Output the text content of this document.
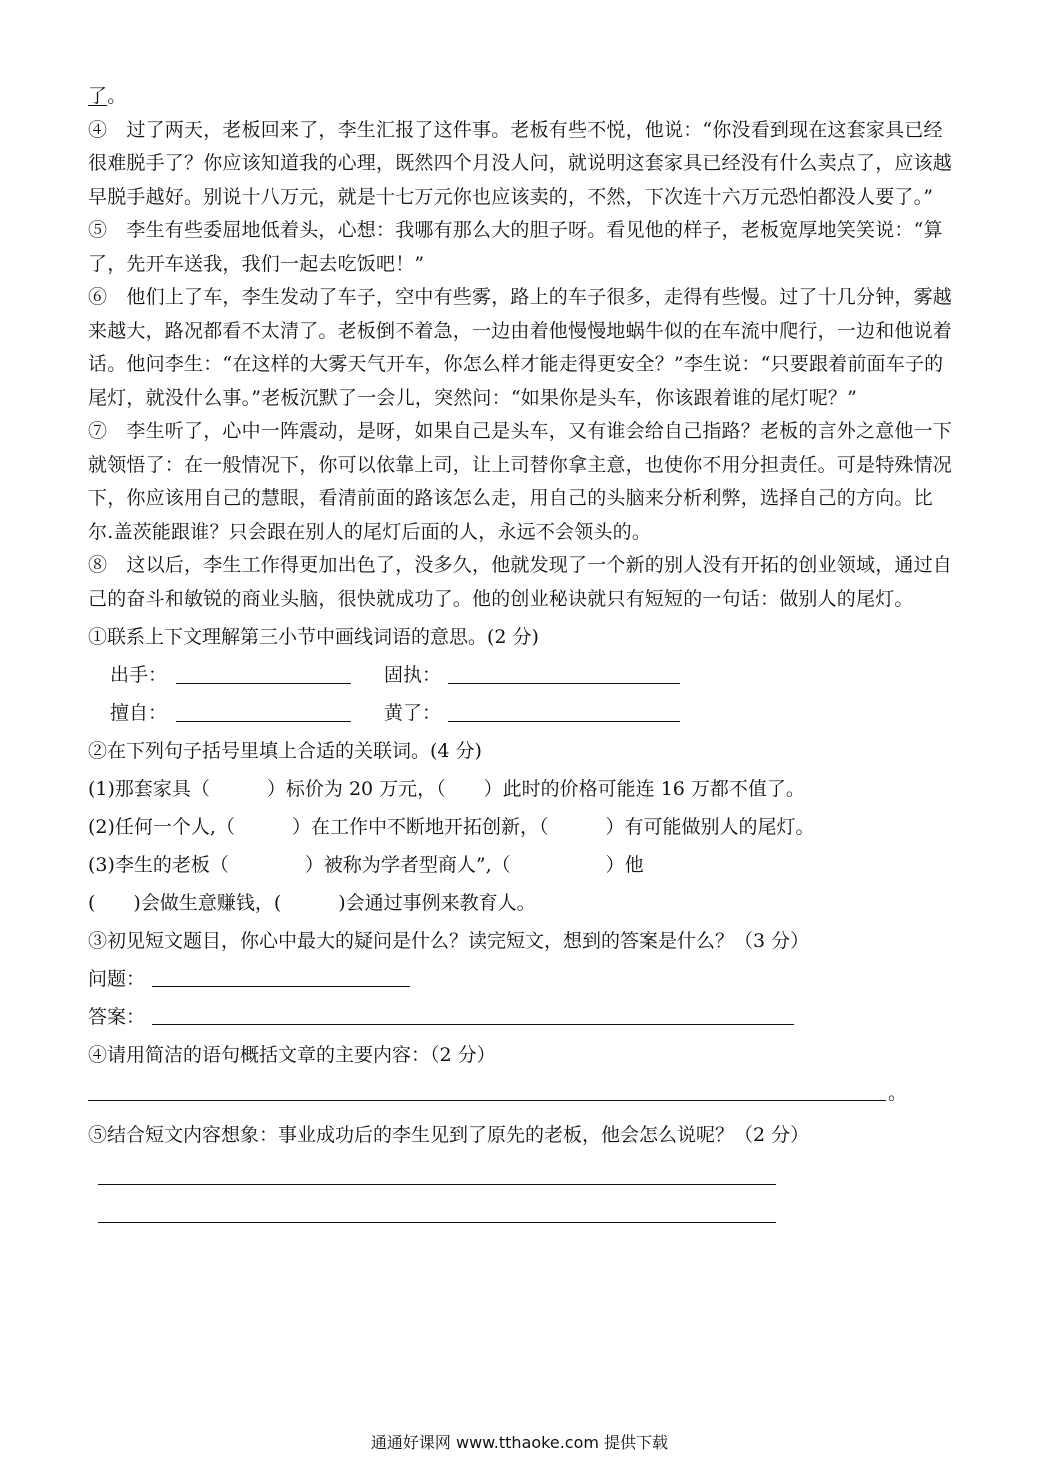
了。
④　过了两天，老板回来了，李生汇报了这件事。老板有些不悦，他说：“你没看到现在这套家具已经很难脱手了？你应该知道我的心理，既然四个月没人问，就说明这套家具已经没有什么卖点了，应该越早脱手越好。别说十八万元，就是十七万元你也应该卖的，不然，下次连十六万元恐怕都没人要了。”
⑤　李生有些委屈地低着头，心想：我哪有那么大的胆子呀。看见他的样子，老板宽厚地笑笑说：“算了，先开车送我，我们一起去吃饭吧！”
⑥　他们上了车，李生发动了车子，空中有些雾，路上的车子很多，走得有些慢。过了十几分钟，雾越来越大，路况都看不太清了。老板倒不着急，一边由着他慢慢地蜗牛似的在车流中爬行，一边和他说着话。他问李生：“在这样的大雾天气开车，你怎么样才能走得更安全？”李生说：“只要跟着前面车子的尾灯，就没什么事。”老板沉默了一会儿，突然问：“如果你是头车，你该跟着谁的尾灯呢？”
⑦　李生听了，心中一阵震动，是呀，如果自己是头车，又有谁会给自己指路？老板的言外之意他一下就领悟了：在一般情况下，你可以依靠上司，让上司替你拿主意，也使你不用分担责任。可是特殊情况下，你应该用自己的慧眼，看清前面的路该怎么走，用自己的头脑来分析利弊，选择自己的方向。比尔.盖茨能跟谁？只会跟在别人的尾灯后面的人，永远不会领头的。
⑧　这以后，李生工作得更加出色了，没多久，他就发现了一个新的别人没有开拓的创业领域，通过自己的奋斗和敏锐的商业头脑，很快就成功了。他的创业秘诀就只有短短的一句话：做别人的尾灯。
①联系上下文理解第三小节中画线词语的意思。(2 分)
出手：	固执：
擅自：	黄了：
②在下列句子括号里填上合适的关联词。(4 分)
(1)那套家具（　　　）标价为 20 万元，（　　）此时的价格可能连 16 万都不值了。
(2)任何一个人,（　　　）在工作中不断地开拓创新，（　　　）有可能做别人的尾灯。
(3)李生的老板（　　　　）被称为学者型商人”,（　　　　　）他
(　　)会做生意赚钱，(　　　)会通过事例来教育人。
③初见短文题目，你心中最大的疑问是什么？读完短文，想到的答案是什么？（3 分）
问题：
答案：
④请用简洁的语句概括文章的主要内容：（2 分）
。
⑤结合短文内容想象：事业成功后的李生见到了原先的老板，他会怎么说呢？（2 分）
通通好课网 www.tthaoke.com 提供下载
